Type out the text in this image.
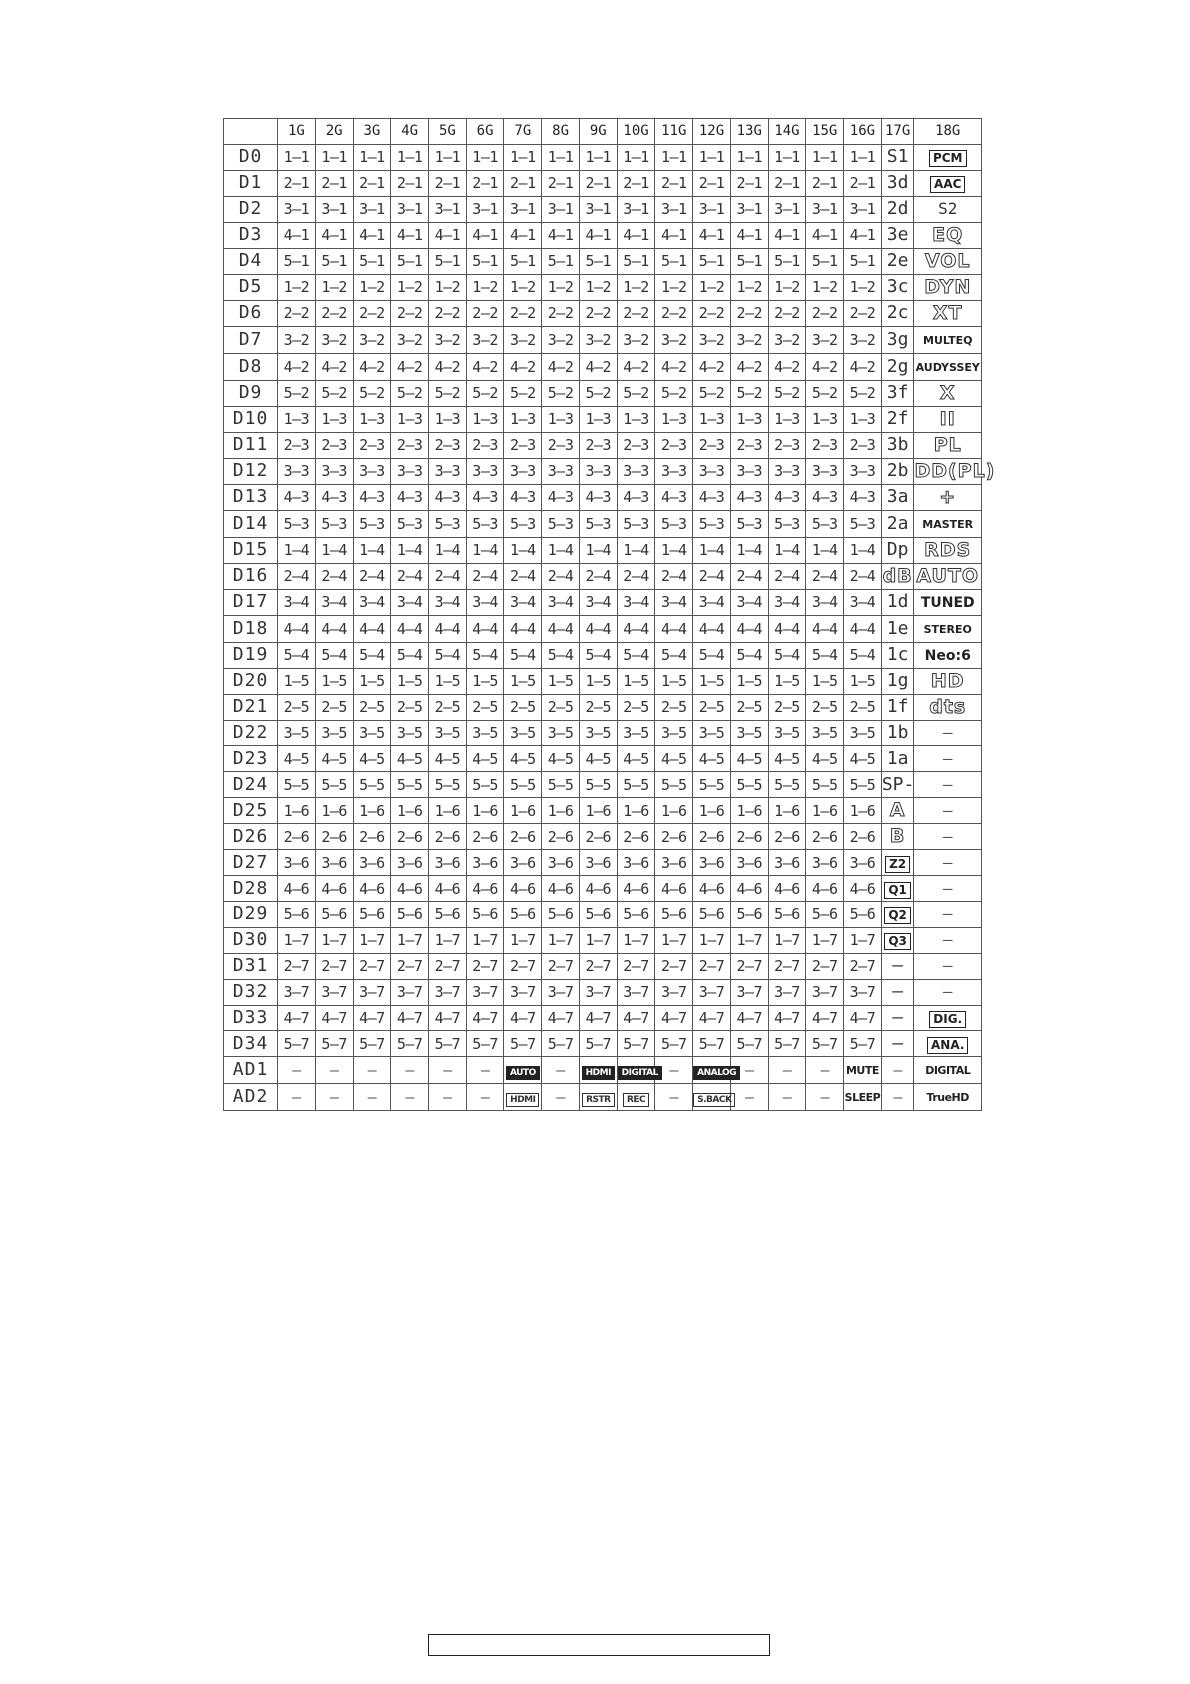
	1G	2G	3G	4G	5G	6G	7G	8G	9G	10G	11G	12G	13G	14G	15G	16G	17G	18G
D0	1–1	1–1	1–1	1–1	1–1	1–1	1–1	1–1	1–1	1–1	1–1	1–1	1–1	1–1	1–1	1–1	S1	PCM
D1	2–1	2–1	2–1	2–1	2–1	2–1	2–1	2–1	2–1	2–1	2–1	2–1	2–1	2–1	2–1	2–1	3d	AAC
D2	3–1	3–1	3–1	3–1	3–1	3–1	3–1	3–1	3–1	3–1	3–1	3–1	3–1	3–1	3–1	3–1	2d	S2
D3	4–1	4–1	4–1	4–1	4–1	4–1	4–1	4–1	4–1	4–1	4–1	4–1	4–1	4–1	4–1	4–1	3e	EQ
D4	5–1	5–1	5–1	5–1	5–1	5–1	5–1	5–1	5–1	5–1	5–1	5–1	5–1	5–1	5–1	5–1	2e	VOL
D5	1–2	1–2	1–2	1–2	1–2	1–2	1–2	1–2	1–2	1–2	1–2	1–2	1–2	1–2	1–2	1–2	3c	DYN
D6	2–2	2–2	2–2	2–2	2–2	2–2	2–2	2–2	2–2	2–2	2–2	2–2	2–2	2–2	2–2	2–2	2c	XT
D7	3–2	3–2	3–2	3–2	3–2	3–2	3–2	3–2	3–2	3–2	3–2	3–2	3–2	3–2	3–2	3–2	3g	MULTEQ
D8	4–2	4–2	4–2	4–2	4–2	4–2	4–2	4–2	4–2	4–2	4–2	4–2	4–2	4–2	4–2	4–2	2g	AUDYSSEY
D9	5–2	5–2	5–2	5–2	5–2	5–2	5–2	5–2	5–2	5–2	5–2	5–2	5–2	5–2	5–2	5–2	3f	X
D10	1–3	1–3	1–3	1–3	1–3	1–3	1–3	1–3	1–3	1–3	1–3	1–3	1–3	1–3	1–3	1–3	2f	II
D11	2–3	2–3	2–3	2–3	2–3	2–3	2–3	2–3	2–3	2–3	2–3	2–3	2–3	2–3	2–3	2–3	3b	PL
D12	3–3	3–3	3–3	3–3	3–3	3–3	3–3	3–3	3–3	3–3	3–3	3–3	3–3	3–3	3–3	3–3	2b	DD(PL)
D13	4–3	4–3	4–3	4–3	4–3	4–3	4–3	4–3	4–3	4–3	4–3	4–3	4–3	4–3	4–3	4–3	3a	+
D14	5–3	5–3	5–3	5–3	5–3	5–3	5–3	5–3	5–3	5–3	5–3	5–3	5–3	5–3	5–3	5–3	2a	MASTER
D15	1–4	1–4	1–4	1–4	1–4	1–4	1–4	1–4	1–4	1–4	1–4	1–4	1–4	1–4	1–4	1–4	Dp	RDS
D16	2–4	2–4	2–4	2–4	2–4	2–4	2–4	2–4	2–4	2–4	2–4	2–4	2–4	2–4	2–4	2–4	dB	AUTO
D17	3–4	3–4	3–4	3–4	3–4	3–4	3–4	3–4	3–4	3–4	3–4	3–4	3–4	3–4	3–4	3–4	1d	TUNED
D18	4–4	4–4	4–4	4–4	4–4	4–4	4–4	4–4	4–4	4–4	4–4	4–4	4–4	4–4	4–4	4–4	1e	STEREO
D19	5–4	5–4	5–4	5–4	5–4	5–4	5–4	5–4	5–4	5–4	5–4	5–4	5–4	5–4	5–4	5–4	1c	Neo:6
D20	1–5	1–5	1–5	1–5	1–5	1–5	1–5	1–5	1–5	1–5	1–5	1–5	1–5	1–5	1–5	1–5	1g	HD
D21	2–5	2–5	2–5	2–5	2–5	2–5	2–5	2–5	2–5	2–5	2–5	2–5	2–5	2–5	2–5	2–5	1f	dts
D22	3–5	3–5	3–5	3–5	3–5	3–5	3–5	3–5	3–5	3–5	3–5	3–5	3–5	3–5	3–5	3–5	1b	–
D23	4–5	4–5	4–5	4–5	4–5	4–5	4–5	4–5	4–5	4–5	4–5	4–5	4–5	4–5	4–5	4–5	1a	–
D24	5–5	5–5	5–5	5–5	5–5	5–5	5–5	5–5	5–5	5–5	5–5	5–5	5–5	5–5	5–5	5–5	SP-	–
D25	1–6	1–6	1–6	1–6	1–6	1–6	1–6	1–6	1–6	1–6	1–6	1–6	1–6	1–6	1–6	1–6	A	–
D26	2–6	2–6	2–6	2–6	2–6	2–6	2–6	2–6	2–6	2–6	2–6	2–6	2–6	2–6	2–6	2–6	B	–
D27	3–6	3–6	3–6	3–6	3–6	3–6	3–6	3–6	3–6	3–6	3–6	3–6	3–6	3–6	3–6	3–6	Z2	–
D28	4–6	4–6	4–6	4–6	4–6	4–6	4–6	4–6	4–6	4–6	4–6	4–6	4–6	4–6	4–6	4–6	Q1	–
D29	5–6	5–6	5–6	5–6	5–6	5–6	5–6	5–6	5–6	5–6	5–6	5–6	5–6	5–6	5–6	5–6	Q2	–
D30	1–7	1–7	1–7	1–7	1–7	1–7	1–7	1–7	1–7	1–7	1–7	1–7	1–7	1–7	1–7	1–7	Q3	–
D31	2–7	2–7	2–7	2–7	2–7	2–7	2–7	2–7	2–7	2–7	2–7	2–7	2–7	2–7	2–7	2–7	–	–
D32	3–7	3–7	3–7	3–7	3–7	3–7	3–7	3–7	3–7	3–7	3–7	3–7	3–7	3–7	3–7	3–7	–	–
D33	4–7	4–7	4–7	4–7	4–7	4–7	4–7	4–7	4–7	4–7	4–7	4–7	4–7	4–7	4–7	4–7	–	DIG.
D34	5–7	5–7	5–7	5–7	5–7	5–7	5–7	5–7	5–7	5–7	5–7	5–7	5–7	5–7	5–7	5–7	–	ANA.
AD1	–	–	–	–	–	–	AUTO	–	HDMI	DIGITAL	–	ANALOG	–	–	–	MUTE	–	DIGITAL
AD2	–	–	–	–	–	–	HDMI	–	RSTR	REC	–	S.BACK	–	–	–	SLEEP	–	TrueHD
